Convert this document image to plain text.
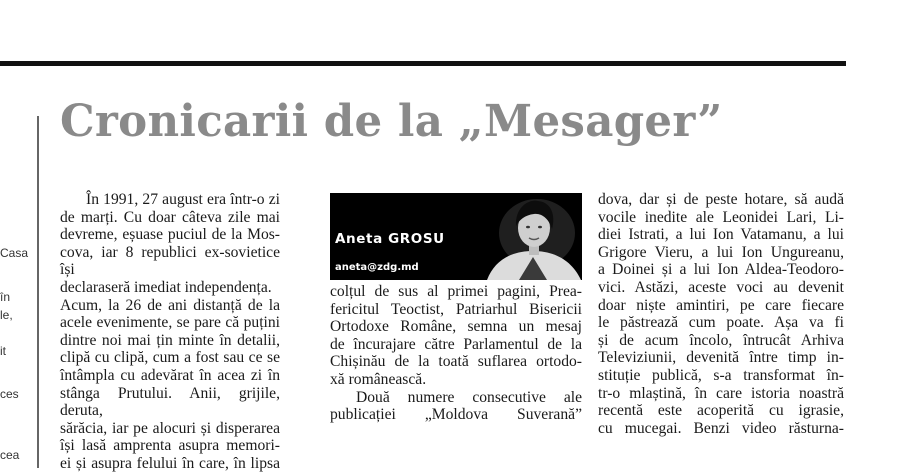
Casa
în
le,
it
ces
cea
Cronicarii de la „Mesager”

În 1991, 27 august era într-o zi

de marți. Cu doar câteva zile mai

devreme, eșuase puciul de la Mos-

cova, iar 8 republici ex-sovietice își

declaraseră imediat independența.

Acum, la 26 de ani distanță de la

acele evenimente, se pare că puțini

dintre noi mai țin minte în detalii,

clipă cu clipă, cum a fost sau ce se

întâmpla cu adevărat în acea zi în

stânga Prutului. Anii, grijile, deruta,

sărăcia, iar pe alocuri și disperarea

își lasă amprenta asupra memori-

ei și asupra felului în care, în lipsa

Aneta GROSU
aneta@zdg.md

colțul de sus al primei pagini, Prea-

fericitul Teoctist, Patriarhul Bisericii

Ortodoxe Române, semna un mesaj

de încurajare către Parlamentul de la

Chișinău de la toată suflarea ortodo-

xă românească.

Două numere consecutive ale

publicației „Moldova Suverană”

dova, dar și de peste hotare, să audă

vocile inedite ale Leonidei Lari, Li-

diei Istrati, a lui Ion Vatamanu, a lui

Grigore Vieru, a lui Ion Ungureanu,

a Doinei și a lui Ion Aldea-Teodoro-

vici. Astăzi, aceste voci au devenit

doar niște amintiri, pe care fiecare

le păstrează cum poate. Așa va fi

și de acum încolo, întrucât Arhiva

Televiziunii, devenită între timp in-

stituție publică, s-a transformat în-

tr-o mlaștină, în care istoria noastră

recentă este acoperită cu igrasie,

cu mucegai. Benzi video răsturna-
